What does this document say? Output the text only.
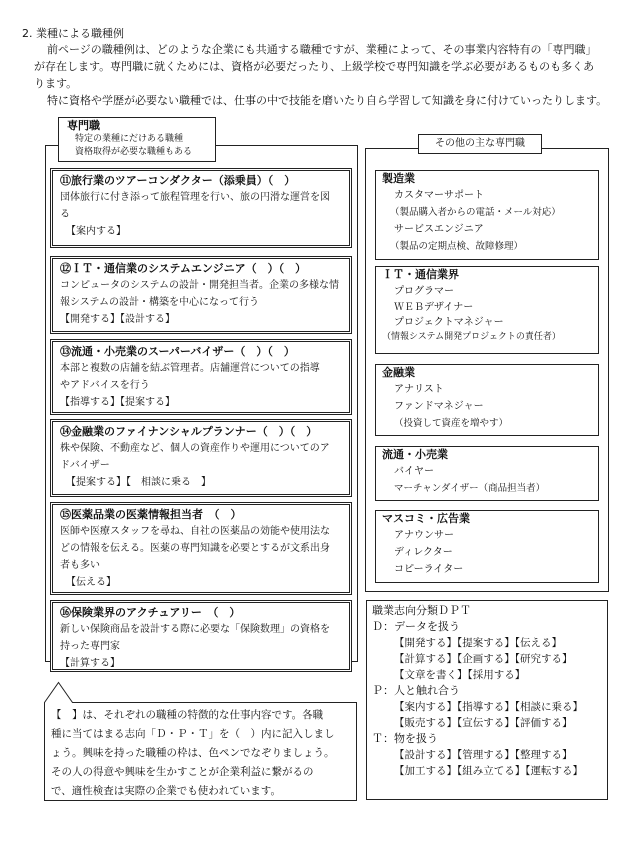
2. 業種による職種例
前ページの職種例は、どのような企業にも共通する職種ですが、業種によって、その事業内容特有の「専門職」
が存在します。専門職に就くためには、資格が必要だったり、上級学校で専門知識を学ぶ必要があるものも多くあ
ります。
特に資格や学歴が必要ない職種では、仕事の中で技能を磨いたり自ら学習して知識を身に付けていったりします。
専門職
特定の業種にだけある職種
資格取得が必要な職種もある
⑪旅行業のツアーコンダクター（添乗員）（　）
団体旅行に付き添って旅程管理を行い、旅の円滑な運営を図
る
【案内する】
⑫ＩＴ・通信業のシステムエンジニア（　）（　）
コンピュータのシステムの設計・開発担当者。企業の多様な情
報システムの設計・構築を中心になって行う
【開発する】【設計する】
⑬流通・小売業のスーパーバイザー（　）（　）
本部と複数の店舗を結ぶ管理者。店舗運営についての指導
やアドバイスを行う
【指導する】【提案する】
⑭金融業のファイナンシャルプランナー（　）（　）
株や保険、不動産など、個人の資産作りや運用についてのア
ドバイザー
【提案する】【　相談に乗る　】
⑮医薬品業の医薬情報担当者　（　）
医師や医療スタッフを尋ね、自社の医薬品の効能や使用法な
どの情報を伝える。医薬の専門知識を必要とするが文系出身
者も多い
【伝える】
⑯保険業界のアクチュアリー　（　）
新しい保険商品を設計する際に必要な「保険数理」の資格を
持った専門家
【計算する】
その他の主な専門職
製造業
カスタマーサポート
（製品購入者からの電話・メール対応）
サービスエンジニア
（製品の定期点検、故障修理）
ＩＴ・通信業界
プログラマー
ＷＥＢデザイナー
プロジェクトマネジャー
（情報システム開発プロジェクトの責任者）
金融業
アナリスト
ファンドマネジャー
（投資して資産を増やす）
流通・小売業
バイヤー
マーチャンダイザー（商品担当者）
マスコミ・広告業
アナウンサー
ディレクター
コピーライター
職業志向分類ＤＰＴ
Ｄ：データを扱う
【開発する】【提案する】【伝える】
【計算する】【企画する】【研究する】
【文章を書く】【採用する】
Ｐ：人と触れ合う
【案内する】【指導する】【相談に乗る】
【販売する】【宣伝する】【評価する】
Ｔ：物を扱う
【設計する】【管理する】【整理する】
【加工する】【組み立てる】【運転する】
【　】は、それぞれの職種の特徴的な仕事内容です。各職
種に当てはまる志向「Ｄ・Ｐ・Ｔ」を（　）内に記入しまし
ょう。興味を持った職種の枠は、色ペンでなぞりましょう。
その人の得意や興味を生かすことが企業利益に繋がるの
で、適性検査は実際の企業でも使われています。
